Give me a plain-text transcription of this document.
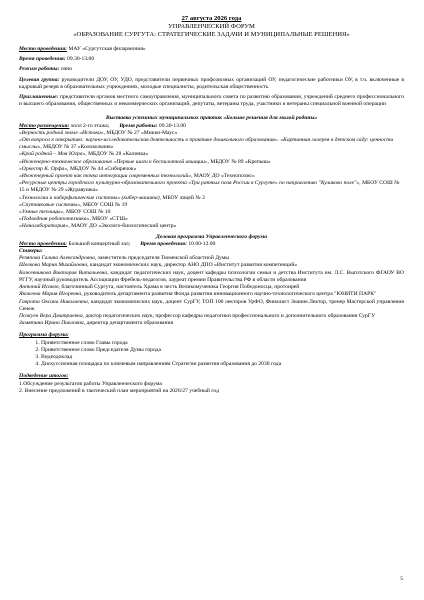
27 августа 2026 года

УПРАВЛЕНЧЕСКИЙ ФОРУМ

«ОБРАЗОВАНИЕ СУРГУТА: СТРАТЕГИЧЕСКИЕ ЗАДАЧИ И МУНИЦИПАЛЬНЫЕ РЕШЕНИЯ»

Место проведения: МАУ «Сургутская филармония»

Время проведения: 09.30-13.00

Режим работы: очно

Целевая группа: руководители ДОУ, ОУ, УДО, представители первичных профсоюзных организаций ОУ, педагогические работники ОУ, в т.ч. включенные в кадровый резерв в образовательных учреждениях, молодые специалисты, родительская общественность

Приглашенные: представители органов местного самоуправления, муниципального совета по развитию образования, учреждений среднего профессионального и высшего образования, общественных и некоммерческих организаций, депутаты, ветераны труда, участники и ветераны специальной военной операции

Выставка успешных муниципальных практик «Больше решения для малой родины»

Место размещения: холл 2-го этажа; Время работы: 09.30-13.00

«Верность родной земле «Истоки», МБДОУ № 27 «Микки-Маус»

«От вопроса к открытию: научно-исследовательская деятельность в практике дошкольного образования». «Картинная галерея в детском саду: ценности смыслы», МБДОУ № 37 «Колокольчик»

«Край родной – Моя Югра», МБДОУ № 28 «Калинка»

«Инженерно-техническое образование «Первые шаги к беспилотной авиации», МБДОУ № 89 «Крепыш»

«Оркестр К. Орфа», МБДОУ № 44 «Сибирячок»

«Инженерный проект как точка интеграции современных технологий», МАОУ ДО «Технополис»

«Ресурсные центры городского культурно-образовательного проекта «Три ратных поля России в Сургуте» по направлению "Куликово поле"», МБОУ СОШ № 15 и МБДОУ № 29 «Журавушка»

«Технологии и киберфизические системы» (кибер-машина), МБОУ лицей № 3

«Спутниковые системы», МБОУ СОШ № 19

«Умные теплицы», МБОУ СОШ № 10

«Подводная робототехника», МБОУ «СТШ»

«Нанолаборатория», МАОУ ДО «Эколого-биологический центр»

Деловая программа Управленческого форума

Место проведения: Большой концертный зал; Время проведения: 10.00-12.00

Спикеры:

Резяпова Галина Александровна, заместитель председателя Тюменской областной Думы

Шелкова Мария Михайловна, кандидат экономических наук, директор АНО ДПО «Институт развития компетенций»

Кожевникова Виктория Витальевна, кандидат педагогических наук, доцент кафедры психологии семьи и детства Института им. Л.С. Выготского ФГАОУ ВО РГГУ, научный руководитель Ассоциации Фребель-педагогов, лауреат премии Правительства РФ в области образования

Антоний Исаков, благочинный Сургута, настоятель Храма в честь Великомученика Георгия Победоносца, протоирей

Яковлева Мария Игоревна, руководитель департамента развития Фонда развития инновационного научно-технологического центра "ЮНИТИ ПАРК"

Гаврота Оксана Николаевна, кандидат экономических наук, доцент СурГУ, ТОП 100 лекторов УрФО, Финалист Знание.Лектор, тренер Мастерской управления Сенеж

Пожуев Вера Дмитриевна, доктор педагогических наук, профессор кафедры педагогики профессионального и дополнительного образования СурГУ

Замятина Ирина Павловна, директор департамента образования

Программа форума:

1. Приветственное слово Главы города
2. Приветственное слово Председателя Думы города
3. Видеодоклад
4. Дискуссионная площадка по ключевым направлениям Стратегии развития образования до 2030 года

Подведение итогов:

1.Обсуждение результатов работы Управленческого форума

2. Внесение предложений в тактический план мероприятий на 2026/27 учебный год

5
